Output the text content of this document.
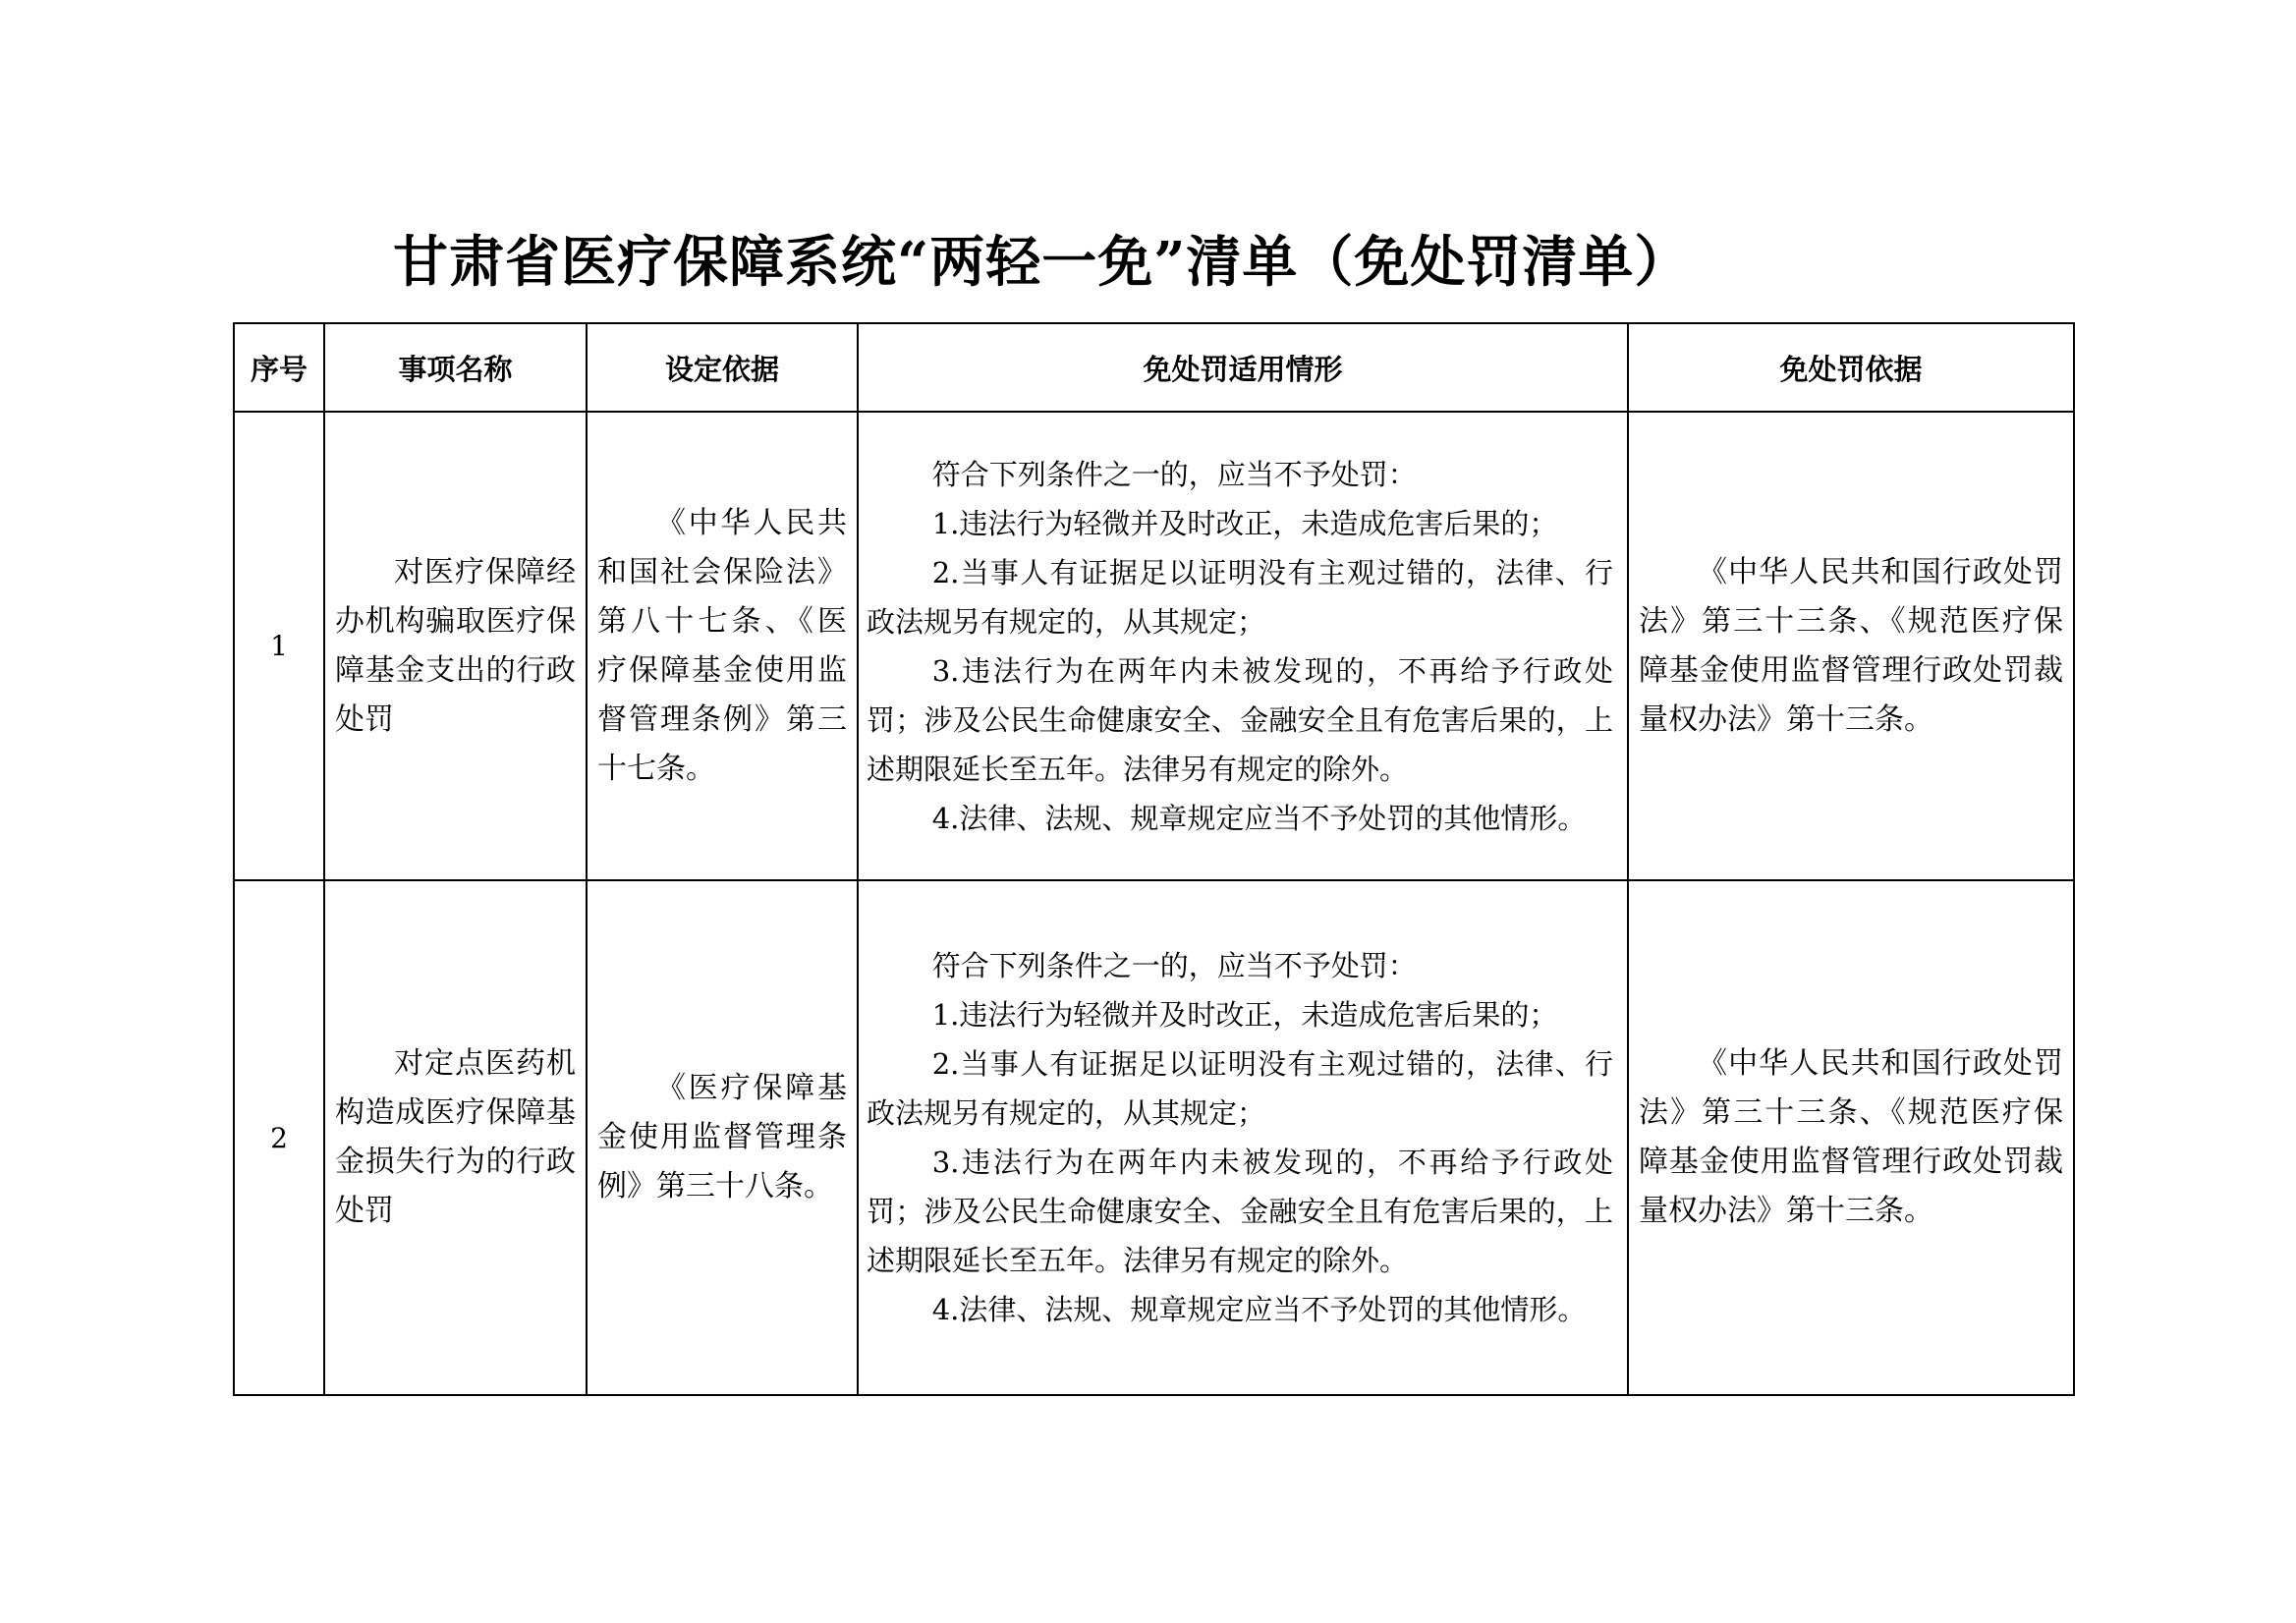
甘肃省医疗保障系统“两轻一免”清单（免处罚清单）
序号	事项名称	设定依据	免处罚适用情形	免处罚依据
1	对医疗保障经办机构骗取医疗保障基金支出的行政处罚	《中华人民共和国社会保险法》第八十七条、《医疗保障基金使用监督管理条例》第三十七条。	符合下列条件之一的，应当不予处罚：

1.违法行为轻微并及时改正，未造成危害后果的；

2.当事人有证据足以证明没有主观过错的，法律、行政法规另有规定的，从其规定；

3.违法行为在两年内未被发现的，不再给予行政处罚；涉及公民生命健康安全、金融安全且有危害后果的，上述期限延长至五年。法律另有规定的除外。

4.法律、法规、规章规定应当不予处罚的其他情形。	《中华人民共和国行政处罚法》第三十三条、《规范医疗保障基金使用监督管理行政处罚裁量权办法》第十三条。

2	对定点医药机构造成医疗保障基金损失行为的行政处罚	《医疗保障基金使用监督管理条例》第三十八条。	符合下列条件之一的，应当不予处罚：

1.违法行为轻微并及时改正，未造成危害后果的；

2.当事人有证据足以证明没有主观过错的，法律、行政法规另有规定的，从其规定；

3.违法行为在两年内未被发现的，不再给予行政处罚；涉及公民生命健康安全、金融安全且有危害后果的，上述期限延长至五年。法律另有规定的除外。

4.法律、法规、规章规定应当不予处罚的其他情形。	《中华人民共和国行政处罚法》第三十三条、《规范医疗保障基金使用监督管理行政处罚裁量权办法》第十三条。
